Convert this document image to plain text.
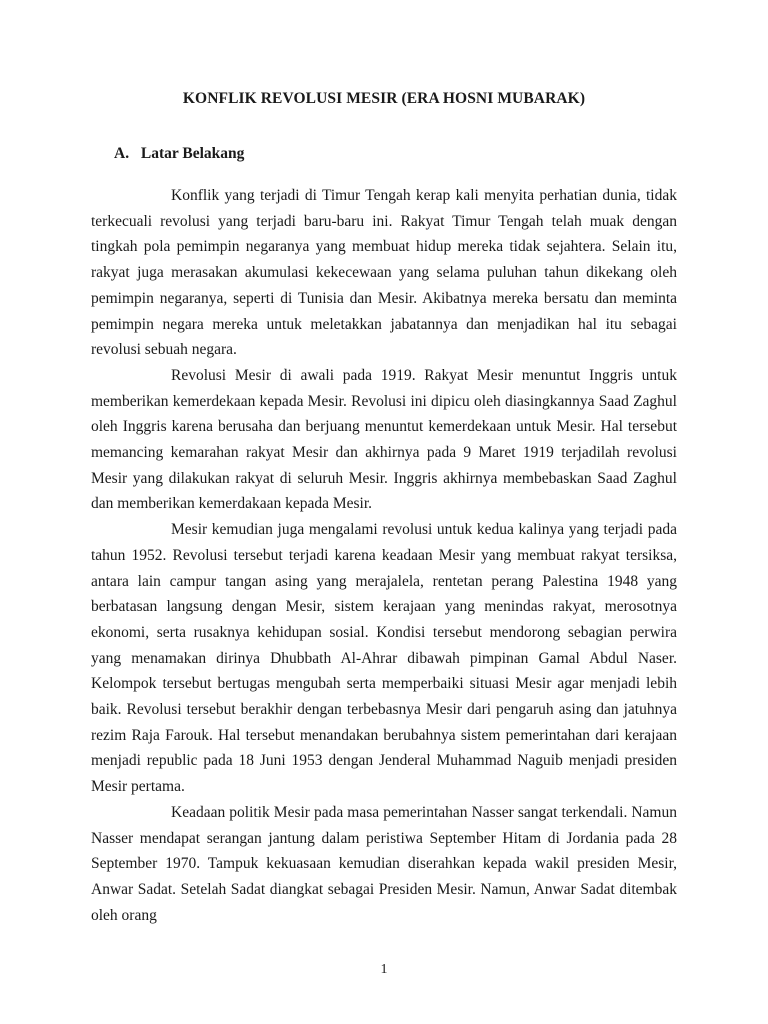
KONFLIK REVOLUSI MESIR (ERA HOSNI MUBARAK)
A. Latar Belakang

Konflik yang terjadi di Timur Tengah kerap kali menyita perhatian dunia, tidak terkecuali revolusi yang terjadi baru-baru ini. Rakyat Timur Tengah telah muak dengan tingkah pola pemimpin negaranya yang membuat hidup mereka tidak sejahtera. Selain itu, rakyat juga merasakan akumulasi kekecewaan yang selama puluhan tahun dikekang oleh pemimpin negaranya, seperti di Tunisia dan Mesir. Akibatnya mereka bersatu dan meminta pemimpin negara mereka untuk meletakkan jabatannya dan menjadikan hal itu sebagai revolusi sebuah negara.

Revolusi Mesir di awali pada 1919. Rakyat Mesir menuntut Inggris untuk memberikan kemerdekaan kepada Mesir. Revolusi ini dipicu oleh diasingkannya Saad Zaghul oleh Inggris karena berusaha dan berjuang menuntut kemerdekaan untuk Mesir. Hal tersebut memancing kemarahan rakyat Mesir dan akhirnya pada 9 Maret 1919 terjadilah revolusi Mesir yang dilakukan rakyat di seluruh Mesir. Inggris akhirnya membebaskan Saad Zaghul dan memberikan kemerdakaan kepada Mesir.

Mesir kemudian juga mengalami revolusi untuk kedua kalinya yang terjadi pada tahun 1952. Revolusi tersebut terjadi karena keadaan Mesir yang membuat rakyat tersiksa, antara lain campur tangan asing yang merajalela, rentetan perang Palestina 1948 yang berbatasan langsung dengan Mesir, sistem kerajaan yang menindas rakyat, merosotnya ekonomi, serta rusaknya kehidupan sosial. Kondisi tersebut mendorong sebagian perwira yang menamakan dirinya Dhubbath Al-Ahrar dibawah pimpinan Gamal Abdul Naser. Kelompok tersebut bertugas mengubah serta memperbaiki situasi Mesir agar menjadi lebih baik. Revolusi tersebut berakhir dengan terbebasnya Mesir dari pengaruh asing dan jatuhnya rezim Raja Farouk. Hal tersebut menandakan berubahnya sistem pemerintahan dari kerajaan menjadi republic pada 18 Juni 1953 dengan Jenderal Muhammad Naguib menjadi presiden Mesir pertama.

Keadaan politik Mesir pada masa pemerintahan Nasser sangat terkendali. Namun Nasser mendapat serangan jantung dalam peristiwa September Hitam di Jordania pada 28 September 1970. Tampuk kekuasaan kemudian diserahkan kepada wakil presiden Mesir, Anwar Sadat. Setelah Sadat diangkat sebagai Presiden Mesir. Namun, Anwar Sadat ditembak oleh orang

1
